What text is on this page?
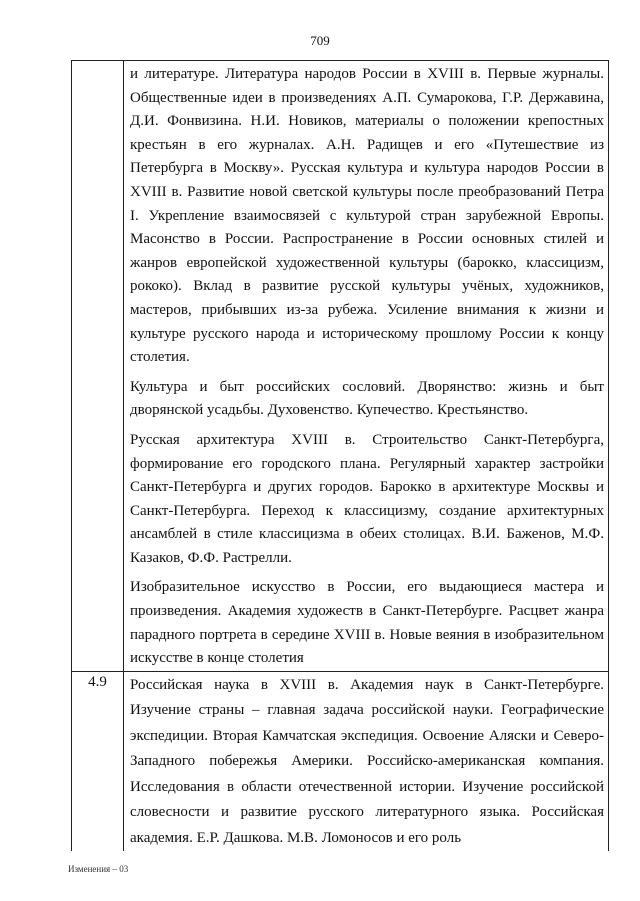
709

	и литературе. Литература народов России в XVIII в. Первые журналы. Общественные идеи в произведениях А.П. Сумарокова, Г.Р. Державина, Д.И. Фонвизина. Н.И. Новиков, материалы о положении крепостных крестьян в его журналах. А.Н. Радищев и его «Путешествие из Петербурга в Москву». Русская культура и культура народов России в XVIII в. Развитие новой светской культуры после преобразований Петра I. Укрепление взаимосвязей с культурой стран зарубежной Европы. Масонство в России. Распространение в России основных стилей и жанров европейской художественной культуры (барокко, классицизм, рококо). Вклад в развитие русской культуры учёных, художников, мастеров, прибывших из-за рубежа. Усиление внимания к жизни и культуре русского народа и историческому прошлому России к концу столетия.

Культура и быт российских сословий. Дворянство: жизнь и быт дворянской усадьбы. Духовенство. Купечество. Крестьянство.

Русская архитектура XVIII в. Строительство Санкт-Петербурга, формирование его городского плана. Регулярный характер застройки Санкт-Петербурга и других городов. Барокко в архитектуре Москвы и Санкт-Петербурга. Переход к классицизму, создание архитектурных ансамблей в стиле классицизма в обеих столицах. В.И. Баженов, М.Ф. Казаков, Ф.Ф. Растрелли.

Изобразительное искусство в России, его выдающиеся мастера и произведения. Академия художеств в Санкт-Петербурге. Расцвет жанра парадного портрета в середине XVIII в. Новые веяния в изобразительном искусстве в конце столетия

4.9	Российская наука в XVIII в. Академия наук в Санкт-Петербурге. Изучение страны – главная задача российской науки. Географические экспедиции. Вторая Камчатская экспедиция. Освоение Аляски и Северо-Западного побережья Америки. Российско-американская компания. Исследования в области отечественной истории. Изучение российской словесности и развитие русского литературного языка. Российская академия. Е.Р. Дашкова. М.В. Ломоносов и его роль

Изменения – 03
